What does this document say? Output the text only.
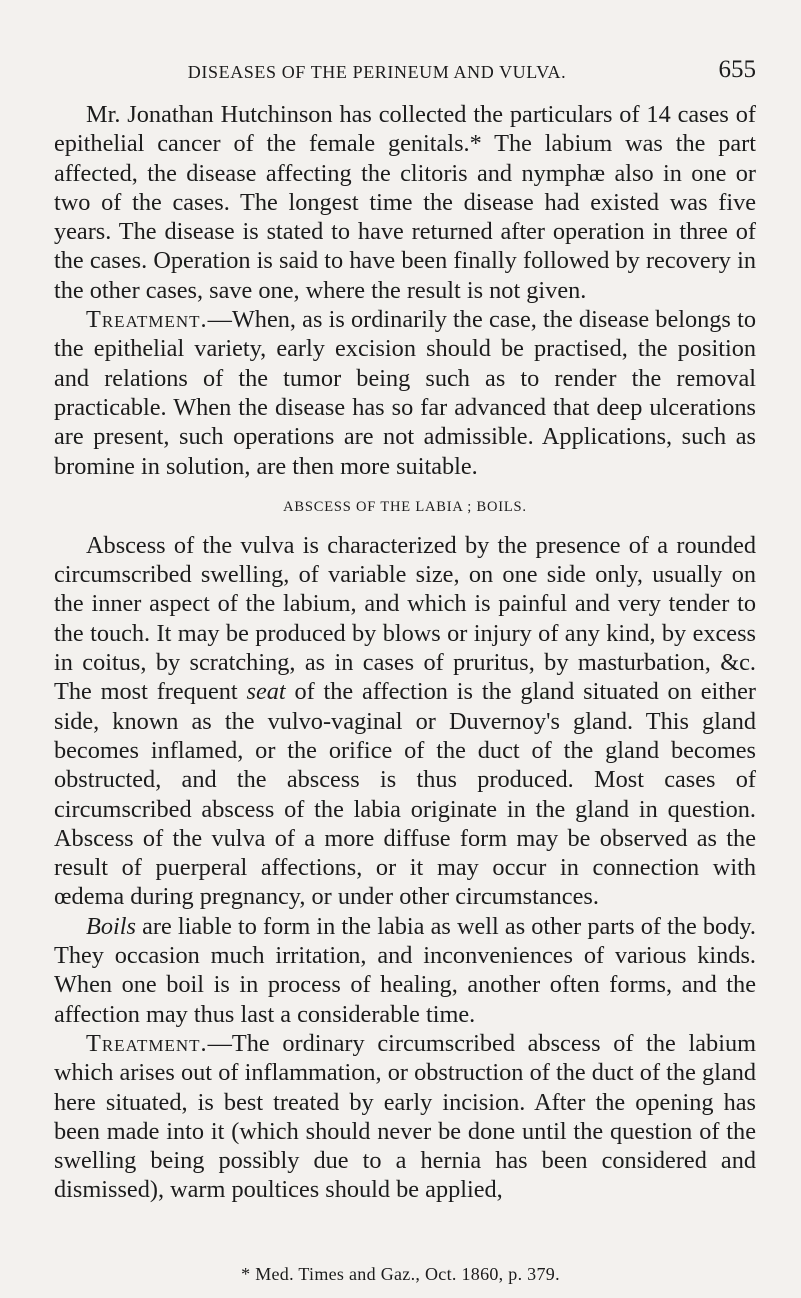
DISEASES OF THE PERINEUM AND VULVA.	655

Mr. Jonathan Hutchinson has collected the particulars of 14 cases of epithelial cancer of the female genitals.* The labium was the part affected, the disease affecting the clitoris and nymphæ also in one or two of the cases. The longest time the disease had existed was five years. The disease is stated to have returned after operation in three of the cases. Operation is said to have been finally followed by recovery in the other cases, save one, where the result is not given.

Treatment.—When, as is ordinarily the case, the disease belongs to the epithelial variety, early excision should be practised, the position and relations of the tumor being such as to render the removal practicable. When the disease has so far advanced that deep ulcerations are present, such operations are not admissible. Applications, such as bromine in solution, are then more suitable.

ABSCESS OF THE LABIA ; BOILS.

Abscess of the vulva is characterized by the presence of a rounded circumscribed swelling, of variable size, on one side only, usually on the inner aspect of the labium, and which is painful and very tender to the touch. It may be produced by blows or injury of any kind, by excess in coitus, by scratching, as in cases of pruritus, by masturbation, &c. The most frequent seat of the affection is the gland situated on either side, known as the vulvo-vaginal or Duvernoy's gland. This gland becomes inflamed, or the orifice of the duct of the gland becomes obstructed, and the abscess is thus produced. Most cases of circumscribed abscess of the labia originate in the gland in question. Abscess of the vulva of a more diffuse form may be observed as the result of puerperal affections, or it may occur in connection with œdema during pregnancy, or under other circumstances.

Boils are liable to form in the labia as well as other parts of the body. They occasion much irritation, and inconveniences of various kinds. When one boil is in process of healing, another often forms, and the affection may thus last a considerable time.

Treatment.—The ordinary circumscribed abscess of the labium which arises out of inflammation, or obstruction of the duct of the gland here situated, is best treated by early incision. After the opening has been made into it (which should never be done until the question of the swelling being possibly due to a hernia has been considered and dismissed), warm poultices should be applied,

* Med. Times and Gaz., Oct. 1860, p. 379.
